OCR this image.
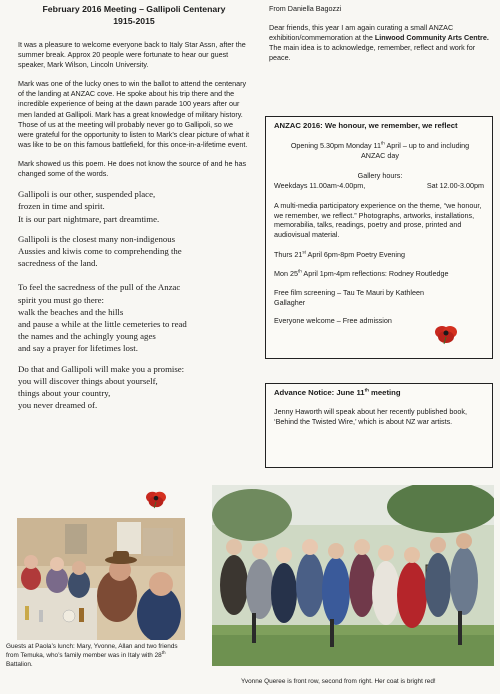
February 2016 Meeting – Gallipoli Centenary
1915-2015

It was a pleasure to welcome everyone back to Italy Star Assn, after the summer break. Approx 20 people were fortunate to hear our guest speaker, Mark Wilson, Lincoln University.

Mark was one of the lucky ones to win the ballot to attend the centenary of the landing at ANZAC cove. He spoke about his trip there and the incredible experience of being at the dawn parade 100 years after our men landed at Gallipoli. Mark has a great knowledge of military history. Those of us at the meeting will probably never go to Gallipoli, so we were grateful for the opportunity to listen to Mark’s clear picture of what it was like to be on this famous battlefield, for this once-in-a-lifetime event.

Mark showed us this poem. He does not know the source of and he has changed some of the words.

Gallipoli is our other, suspended place,
frozen in time and spirit.
It is our part nightmare, part dreamtime.

Gallipoli is the closest many non-indigenous
Aussies and kiwis come to comprehending the
sacredness of the land.

To feel the sacredness of the pull of the Anzac
spirit you must go there:
walk the beaches and the hills
and pause a while at the little cemeteries to read
the names and the achingly young ages
and say a prayer for lifetimes lost.

Do that and Gallipoli will make you a promise:
you will discover things about yourself,
things about your country,
you never dreamed of.

From Daniella Bagozzi

Dear friends, this year I am again curating a small ANZAC exhibition/commemoration at the Linwood Community Arts Centre. The main idea is to acknowledge, remember, reflect and work for peace.

ANZAC 2016: We honour, we remember, we reflect
Opening 5.30pm Monday 11th April – up to and including
ANZAC day
Gallery hours:
Weekdays 11.00am-4.00pm,	Sat 12.00-3.00pm
A multi-media participatory experience on the theme, “we honour, we remember, we reflect.” Photographs, artworks, installations, memorabilia, talks, readings, poetry and prose, printed and audiovisual material.
Thurs 21st April 6pm-8pm Poetry Evening
Mon 25th April 1pm-4pm reflections: Rodney Routledge
Free film screening – Tau Te Mauri by Kathleen Gallagher
Everyone welcome – Free admission
Advance Notice: June 11th meeting
Jenny Haworth will speak about her recently published book, ‘Behind the Twisted Wire,’ which is about NZ war artists.
Guests at Paola’s lunch: Mary, Yvonne, Allan and two friends from Temuka, who’s family member was in Italy with 28th Battalion.
Yvonne Queree is front row, second from right. Her coat is bright red!
